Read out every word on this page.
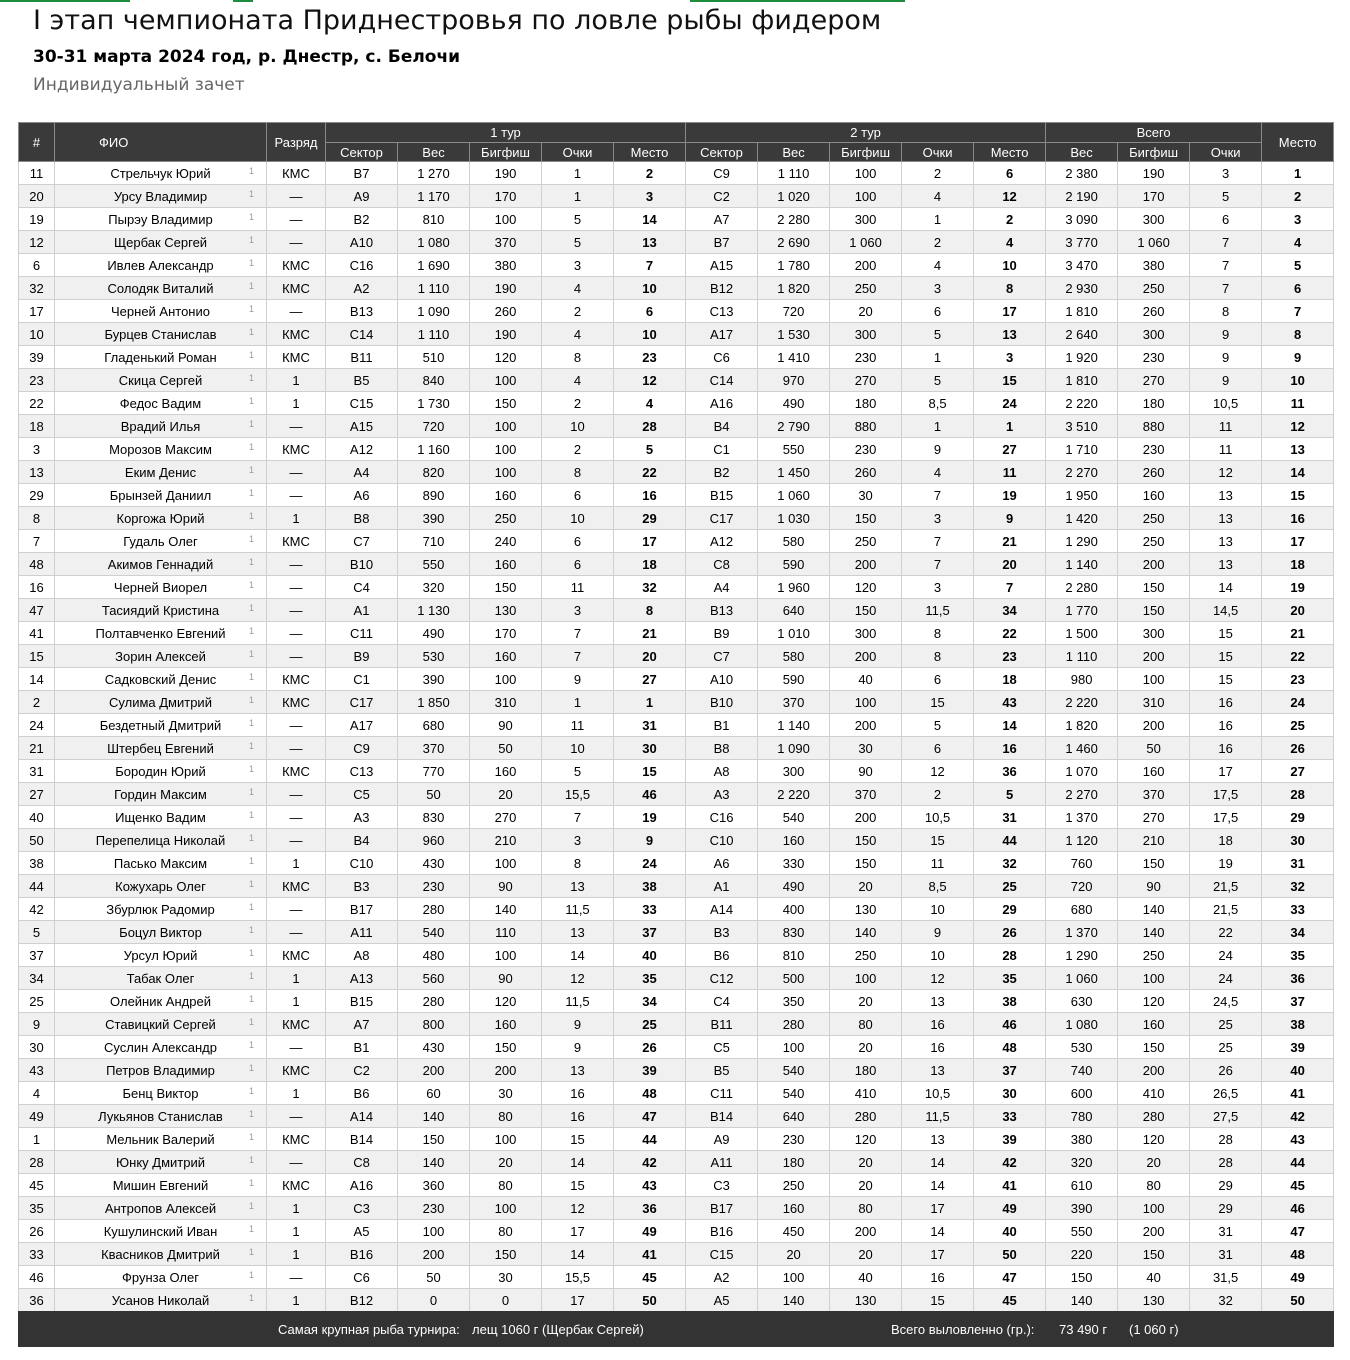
I этап чемпионата Приднестровья по ловле рыбы фидером
30-31 марта 2024 год, р. Днестр, с. Белочи
Индивидуальный зачет
#	ФИО	Разряд	1 тур					2 тур					Всего			Место
			Сектор	Вес	Бигфиш	Очки	Место	Сектор	Вес	Бигфиш	Очки	Место	Вес	Бигфиш	Очки	
11	Стрельчук Юрий 1	КМС	B7	1 270	190	1	2	C9	1 110	100	2	6	2 380	190	3	1
20	Урсу Владимир 1	—	A9	1 170	170	1	3	C2	1 020	100	4	12	2 190	170	5	2
19	Пырэу Владимир 1	—	B2	810	100	5	14	A7	2 280	300	1	2	3 090	300	6	3
12	Щербак Сергей 1	—	A10	1 080	370	5	13	B7	2 690	1 060	2	4	3 770	1 060	7	4
6	Ивлев Александр 1	КМС	C16	1 690	380	3	7	A15	1 780	200	4	10	3 470	380	7	5
32	Солодяк Виталий 1	КМС	A2	1 110	190	4	10	B12	1 820	250	3	8	2 930	250	7	6
17	Черней Антонио 1	—	B13	1 090	260	2	6	C13	720	20	6	17	1 810	260	8	7
10	Бурцев Станислав 1	КМС	C14	1 110	190	4	10	A17	1 530	300	5	13	2 640	300	9	8
39	Гладенький Роман 1	КМС	B11	510	120	8	23	C6	1 410	230	1	3	1 920	230	9	9
23	Скица Сергей 1	1	B5	840	100	4	12	C14	970	270	5	15	1 810	270	9	10
22	Федос Вадим 1	1	C15	1 730	150	2	4	A16	490	180	8,5	24	2 220	180	10,5	11
18	Врадий Илья 1	—	A15	720	100	10	28	B4	2 790	880	1	1	3 510	880	11	12
3	Морозов Максим 1	КМС	A12	1 160	100	2	5	C1	550	230	9	27	1 710	230	11	13
13	Еким Денис 1	—	A4	820	100	8	22	B2	1 450	260	4	11	2 270	260	12	14
29	Брынзей Даниил 1	—	A6	890	160	6	16	B15	1 060	30	7	19	1 950	160	13	15
8	Коргожа Юрий 1	1	B8	390	250	10	29	C17	1 030	150	3	9	1 420	250	13	16
7	Гудаль Олег 1	КМС	C7	710	240	6	17	A12	580	250	7	21	1 290	250	13	17
48	Акимов Геннадий 1	—	B10	550	160	6	18	C8	590	200	7	20	1 140	200	13	18
16	Черней Виорел 1	—	C4	320	150	11	32	A4	1 960	120	3	7	2 280	150	14	19
47	Тасиядий Кристина 1	—	A1	1 130	130	3	8	B13	640	150	11,5	34	1 770	150	14,5	20
41	Полтавченко Евгений 1	—	C11	490	170	7	21	B9	1 010	300	8	22	1 500	300	15	21
15	Зорин Алексей 1	—	B9	530	160	7	20	C7	580	200	8	23	1 110	200	15	22
14	Садковский Денис 1	КМС	C1	390	100	9	27	A10	590	40	6	18	980	100	15	23
2	Сулима Дмитрий 1	КМС	C17	1 850	310	1	1	B10	370	100	15	43	2 220	310	16	24
24	Бездетный Дмитрий 1	—	A17	680	90	11	31	B1	1 140	200	5	14	1 820	200	16	25
21	Штербец Евгений 1	—	C9	370	50	10	30	B8	1 090	30	6	16	1 460	50	16	26
31	Бородин Юрий 1	КМС	C13	770	160	5	15	A8	300	90	12	36	1 070	160	17	27
27	Гордин Максим 1	—	C5	50	20	15,5	46	A3	2 220	370	2	5	2 270	370	17,5	28
40	Ищенко Вадим 1	—	A3	830	270	7	19	C16	540	200	10,5	31	1 370	270	17,5	29
50	Перепелица Николай 1	—	B4	960	210	3	9	C10	160	150	15	44	1 120	210	18	30
38	Пасько Максим 1	1	C10	430	100	8	24	A6	330	150	11	32	760	150	19	31
44	Кожухарь Олег 1	КМС	B3	230	90	13	38	A1	490	20	8,5	25	720	90	21,5	32
42	Збурлюк Радомир 1	—	B17	280	140	11,5	33	A14	400	130	10	29	680	140	21,5	33
5	Боцул Виктор 1	—	A11	540	110	13	37	B3	830	140	9	26	1 370	140	22	34
37	Урсул Юрий 1	КМС	A8	480	100	14	40	B6	810	250	10	28	1 290	250	24	35
34	Табак Олег 1	1	A13	560	90	12	35	C12	500	100	12	35	1 060	100	24	36
25	Олейник Андрей 1	1	B15	280	120	11,5	34	C4	350	20	13	38	630	120	24,5	37
9	Ставицкий Сергей 1	КМС	A7	800	160	9	25	B11	280	80	16	46	1 080	160	25	38
30	Суслин Александр 1	—	B1	430	150	9	26	C5	100	20	16	48	530	150	25	39
43	Петров Владимир 1	КМС	C2	200	200	13	39	B5	540	180	13	37	740	200	26	40
4	Бенц Виктор 1	1	B6	60	30	16	48	C11	540	410	10,5	30	600	410	26,5	41
49	Лукьянов Станислав 1	—	A14	140	80	16	47	B14	640	280	11,5	33	780	280	27,5	42
1	Мельник Валерий 1	КМС	B14	150	100	15	44	A9	230	120	13	39	380	120	28	43
28	Юнку Дмитрий 1	—	C8	140	20	14	42	A11	180	20	14	42	320	20	28	44
45	Мишин Евгений 1	КМС	A16	360	80	15	43	C3	250	20	14	41	610	80	29	45
35	Антропов Алексей 1	1	C3	230	100	12	36	B17	160	80	17	49	390	100	29	46
26	Кушулинский Иван 1	1	A5	100	80	17	49	B16	450	200	14	40	550	200	31	47
33	Квасников Дмитрий 1	1	B16	200	150	14	41	C15	20	20	17	50	220	150	31	48
46	Фрунза Олег 1	—	C6	50	30	15,5	45	A2	100	40	16	47	150	40	31,5	49
36	Усанов Николай 1	1	B12	0	0	17	50	A5	140	130	15	45	140	130	32	50
Самая крупная рыба турнира: лещ 1060 г (Щербак Сергей)	Всего выловленно (гр.): 73 490 г (1 060 г)
